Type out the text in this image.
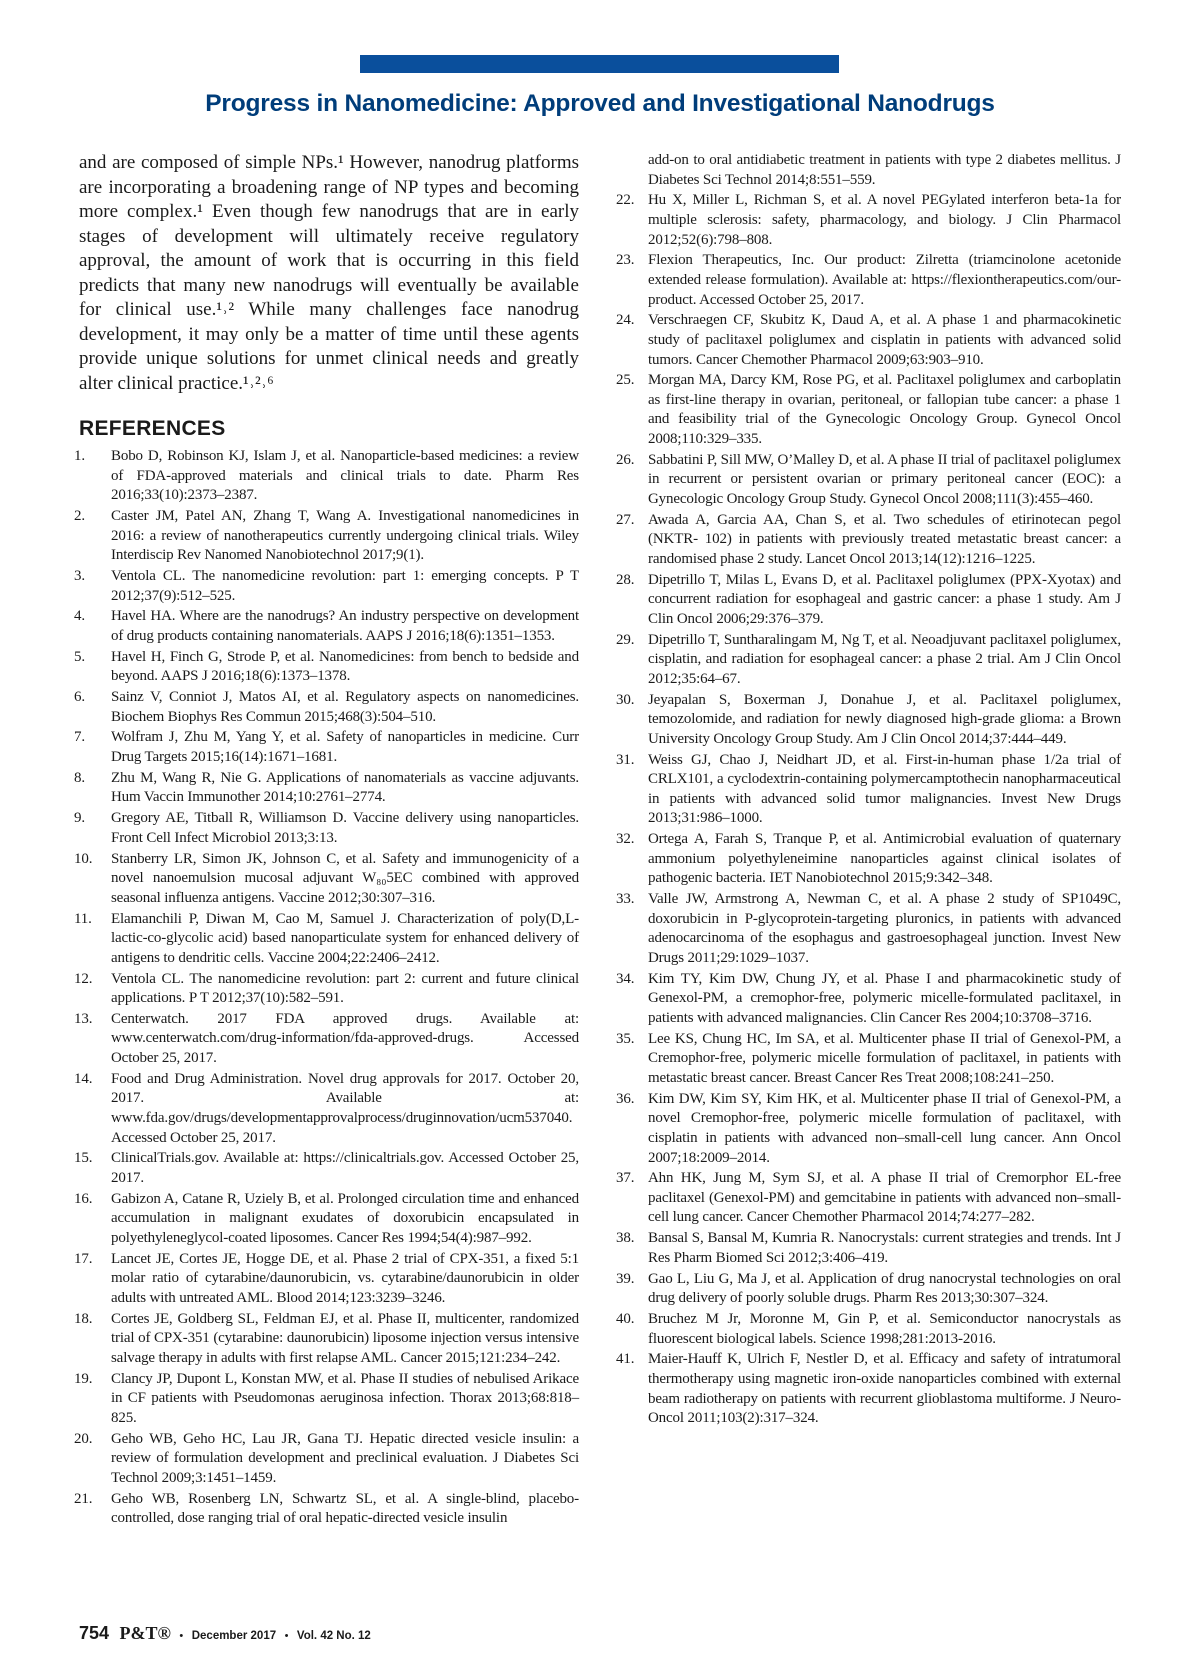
Progress in Nanomedicine: Approved and Investigational Nanodrugs

and are composed of simple NPs.¹ However, nanodrug platforms are incorporating a broadening range of NP types and becoming more complex.¹ Even though few nanodrugs that are in early stages of development will ultimately receive regulatory approval, the amount of work that is occurring in this field predicts that many new nanodrugs will eventually be available for clinical use.¹˒² While many challenges face nanodrug development, it may only be a matter of time until these agents provide unique solutions for unmet clinical needs and greatly alter clinical practice.¹˒²˒⁶

REFERENCES
1. Bobo D, Robinson KJ, Islam J, et al. Nanoparticle-based medicines: a review of FDA-approved materials and clinical trials to date. Pharm Res 2016;33(10):2373–2387.
2. Caster JM, Patel AN, Zhang T, Wang A. Investigational nanomedicines in 2016: a review of nanotherapeutics currently undergoing clinical trials. Wiley Interdiscip Rev Nanomed Nanobiotechnol 2017;9(1).
3. Ventola CL. The nanomedicine revolution: part 1: emerging concepts. P T 2012;37(9):512–525.
4. Havel HA. Where are the nanodrugs? An industry perspective on development of drug products containing nanomaterials. AAPS J 2016;18(6):1351–1353.
5. Havel H, Finch G, Strode P, et al. Nanomedicines: from bench to bedside and beyond. AAPS J 2016;18(6):1373–1378.
6. Sainz V, Conniot J, Matos AI, et al. Regulatory aspects on nanomedicines. Biochem Biophys Res Commun 2015;468(3):504–510.
7. Wolfram J, Zhu M, Yang Y, et al. Safety of nanoparticles in medicine. Curr Drug Targets 2015;16(14):1671–1681.
8. Zhu M, Wang R, Nie G. Applications of nanomaterials as vaccine adjuvants. Hum Vaccin Immunother 2014;10:2761–2774.
9. Gregory AE, Titball R, Williamson D. Vaccine delivery using nanoparticles. Front Cell Infect Microbiol 2013;3:13.
10. Stanberry LR, Simon JK, Johnson C, et al. Safety and immunogenicity of a novel nanoemulsion mucosal adjuvant W₈₀5EC combined with approved seasonal influenza antigens. Vaccine 2012;30:307–316.
11. Elamanchili P, Diwan M, Cao M, Samuel J. Characterization of poly(D,L-lactic-co-glycolic acid) based nanoparticulate system for enhanced delivery of antigens to dendritic cells. Vaccine 2004;22:2406–2412.
12. Ventola CL. The nanomedicine revolution: part 2: current and future clinical applications. P T 2012;37(10):582–591.
13. Centerwatch. 2017 FDA approved drugs. Available at: www.centerwatch.com/drug-information/fda-approved-drugs. Accessed October 25, 2017.
14. Food and Drug Administration. Novel drug approvals for 2017. October 20, 2017. Available at: www.fda.gov/drugs/developmentapprovalprocess/druginnovation/ucm537040. Accessed October 25, 2017.
15. ClinicalTrials.gov. Available at: https://clinicaltrials.gov. Accessed October 25, 2017.
16. Gabizon A, Catane R, Uziely B, et al. Prolonged circulation time and enhanced accumulation in malignant exudates of doxorubicin encapsulated in polyethyleneglycol-coated liposomes. Cancer Res 1994;54(4):987–992.
17. Lancet JE, Cortes JE, Hogge DE, et al. Phase 2 trial of CPX-351, a fixed 5:1 molar ratio of cytarabine/daunorubicin, vs. cytarabine/daunorubicin in older adults with untreated AML. Blood 2014;123:3239–3246.
18. Cortes JE, Goldberg SL, Feldman EJ, et al. Phase II, multicenter, randomized trial of CPX-351 (cytarabine: daunorubicin) liposome injection versus intensive salvage therapy in adults with first relapse AML. Cancer 2015;121:234–242.
19. Clancy JP, Dupont L, Konstan MW, et al. Phase II studies of nebulised Arikace in CF patients with Pseudomonas aeruginosa infection. Thorax 2013;68:818– 825.
20. Geho WB, Geho HC, Lau JR, Gana TJ. Hepatic directed vesicle insulin: a review of formulation development and preclinical evaluation. J Diabetes Sci Technol 2009;3:1451–1459.
21. Geho WB, Rosenberg LN, Schwartz SL, et al. A single-blind, placebo-controlled, dose ranging trial of oral hepatic-directed vesicle insulin
add-on to oral antidiabetic treatment in patients with type 2 diabetes mellitus. J Diabetes Sci Technol 2014;8:551–559.
22. Hu X, Miller L, Richman S, et al. A novel PEGylated interferon beta-1a for multiple sclerosis: safety, pharmacology, and biology. J Clin Pharmacol 2012;52(6):798–808.
23. Flexion Therapeutics, Inc. Our product: Zilretta (triamcinolone acetonide extended release formulation). Available at: https://flexiontherapeutics.com/our-product. Accessed October 25, 2017.
24. Verschraegen CF, Skubitz K, Daud A, et al. A phase 1 and pharmacokinetic study of paclitaxel poliglumex and cisplatin in patients with advanced solid tumors. Cancer Chemother Pharmacol 2009;63:903–910.
25. Morgan MA, Darcy KM, Rose PG, et al. Paclitaxel poliglumex and carboplatin as first-line therapy in ovarian, peritoneal, or fallopian tube cancer: a phase 1 and feasibility trial of the Gynecologic Oncology Group. Gynecol Oncol 2008;110:329–335.
26. Sabbatini P, Sill MW, O’Malley D, et al. A phase II trial of paclitaxel poliglumex in recurrent or persistent ovarian or primary peritoneal cancer (EOC): a Gynecologic Oncology Group Study. Gynecol Oncol 2008;111(3):455–460.
27. Awada A, Garcia AA, Chan S, et al. Two schedules of etirinotecan pegol (NKTR- 102) in patients with previously treated metastatic breast cancer: a randomised phase 2 study. Lancet Oncol 2013;14(12):1216–1225.
28. Dipetrillo T, Milas L, Evans D, et al. Paclitaxel poliglumex (PPX-Xyotax) and concurrent radiation for esophageal and gastric cancer: a phase 1 study. Am J Clin Oncol 2006;29:376–379.
29. Dipetrillo T, Suntharalingam M, Ng T, et al. Neoadjuvant paclitaxel poliglumex, cisplatin, and radiation for esophageal cancer: a phase 2 trial. Am J Clin Oncol 2012;35:64–67.
30. Jeyapalan S, Boxerman J, Donahue J, et al. Paclitaxel poliglumex, temozolomide, and radiation for newly diagnosed high-grade glioma: a Brown University Oncology Group Study. Am J Clin Oncol 2014;37:444–449.
31. Weiss GJ, Chao J, Neidhart JD, et al. First-in-human phase 1/2a trial of CRLX101, a cyclodextrin-containing polymercamptothecin nanopharmaceutical in patients with advanced solid tumor malignancies. Invest New Drugs 2013;31:986–1000.
32. Ortega A, Farah S, Tranque P, et al. Antimicrobial evaluation of quaternary ammonium polyethyleneimine nanoparticles against clinical isolates of pathogenic bacteria. IET Nanobiotechnol 2015;9:342–348.
33. Valle JW, Armstrong A, Newman C, et al. A phase 2 study of SP1049C, doxorubicin in P-glycoprotein-targeting pluronics, in patients with advanced adenocarcinoma of the esophagus and gastroesophageal junction. Invest New Drugs 2011;29:1029–1037.
34. Kim TY, Kim DW, Chung JY, et al. Phase I and pharmacokinetic study of Genexol-PM, a cremophor-free, polymeric micelle-formulated paclitaxel, in patients with advanced malignancies. Clin Cancer Res 2004;10:3708–3716.
35. Lee KS, Chung HC, Im SA, et al. Multicenter phase II trial of Genexol-PM, a Cremophor-free, polymeric micelle formulation of paclitaxel, in patients with metastatic breast cancer. Breast Cancer Res Treat 2008;108:241–250.
36. Kim DW, Kim SY, Kim HK, et al. Multicenter phase II trial of Genexol-PM, a novel Cremophor-free, polymeric micelle formulation of paclitaxel, with cisplatin in patients with advanced non–small-cell lung cancer. Ann Oncol 2007;18:2009–2014.
37. Ahn HK, Jung M, Sym SJ, et al. A phase II trial of Cremorphor EL-free paclitaxel (Genexol-PM) and gemcitabine in patients with advanced non–small-cell lung cancer. Cancer Chemother Pharmacol 2014;74:277–282.
38. Bansal S, Bansal M, Kumria R. Nanocrystals: current strategies and trends. Int J Res Pharm Biomed Sci 2012;3:406–419.
39. Gao L, Liu G, Ma J, et al. Application of drug nanocrystal technologies on oral drug delivery of poorly soluble drugs. Pharm Res 2013;30:307–324.
40. Bruchez M Jr, Moronne M, Gin P, et al. Semiconductor nanocrystals as fluorescent biological labels. Science 1998;281:2013-2016.
41. Maier-Hauff K, Ulrich F, Nestler D, et al. Efficacy and safety of intratumoral thermotherapy using magnetic iron-oxide nanoparticles combined with external beam radiotherapy on patients with recurrent glioblastoma multiforme. J Neuro-Oncol 2011;103(2):317–324.
754 P&T® • December 2017 • Vol. 42 No. 12
